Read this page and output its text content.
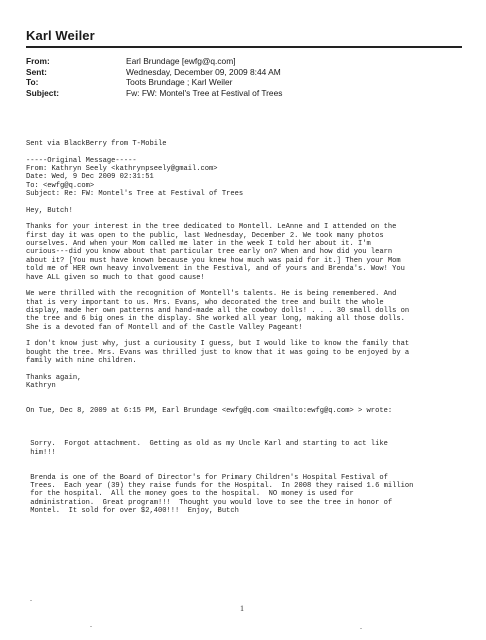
Karl Weiler
From:	Earl Brundage [ewfg@q.com]
Sent:	Wednesday, December 09, 2009 8:44 AM
To:	Toots Brundage ; Karl Weiler
Subject:	Fw: FW: Montel's Tree at Festival of Trees
Sent via BlackBerry from T-Mobile
-----Original Message-----
From: Kathryn Seely <kathrynpseely@gmail.com>
Date: Wed, 9 Dec 2009 02:31:51
To: <ewfg@q.com>
Subject: Re: FW: Montel's Tree at Festival of Trees
Hey, Butch!
Thanks for your interest in the tree dedicated to Montell. LeAnne and I attended on the
first day it was open to the public, last Wednesday, December 2. We took many photos
ourselves. And when your Mom called me later in the week I told her about it. I'm
curious---did you know about that particular tree early on? When and how did you learn
about it? [You must have known because you knew how much was paid for it.] Then your Mom
told me of HER own heavy involvement in the Festival, and of yours and Brenda's. Wow! You
have ALL given so much to that good cause!
We were thrilled with the recognition of Montell's talents. He is being remembered. And
that is very important to us. Mrs. Evans, who decorated the tree and built the whole
display, made her own patterns and hand-made all the cowboy dolls! . . . 30 small dolls on
the tree and 6 big ones in the display. She worked all year long, making all those dolls.
She is a devoted fan of Montell and of the Castle Valley Pageant!
I don't know just why, just a curiousity I guess, but I would like to know the family that
bought the tree. Mrs. Evans was thrilled just to know that it was going to be enjoyed by a
family with nine children.
Thanks again,
Kathryn
On Tue, Dec 8, 2009 at 6:15 PM, Earl Brundage <ewfg@q.com <mailto:ewfg@q.com> > wrote:
Sorry.  Forgot attachment.  Getting as old as my Uncle Karl and starting to act like
him!!!
Brenda is one of the Board of Director's for Primary Children's Hospital Festival of
Trees.  Each year (39) they raise funds for the Hospital.  In 2008 they raised 1.6 million
for the hospital.  All the money goes to the hospital.  NO money is used for
administration.  Great program!!!  Thought you would love to see the tree in honor of
Montel.  It sold for over $2,400!!!  Enjoy, Butch
1
